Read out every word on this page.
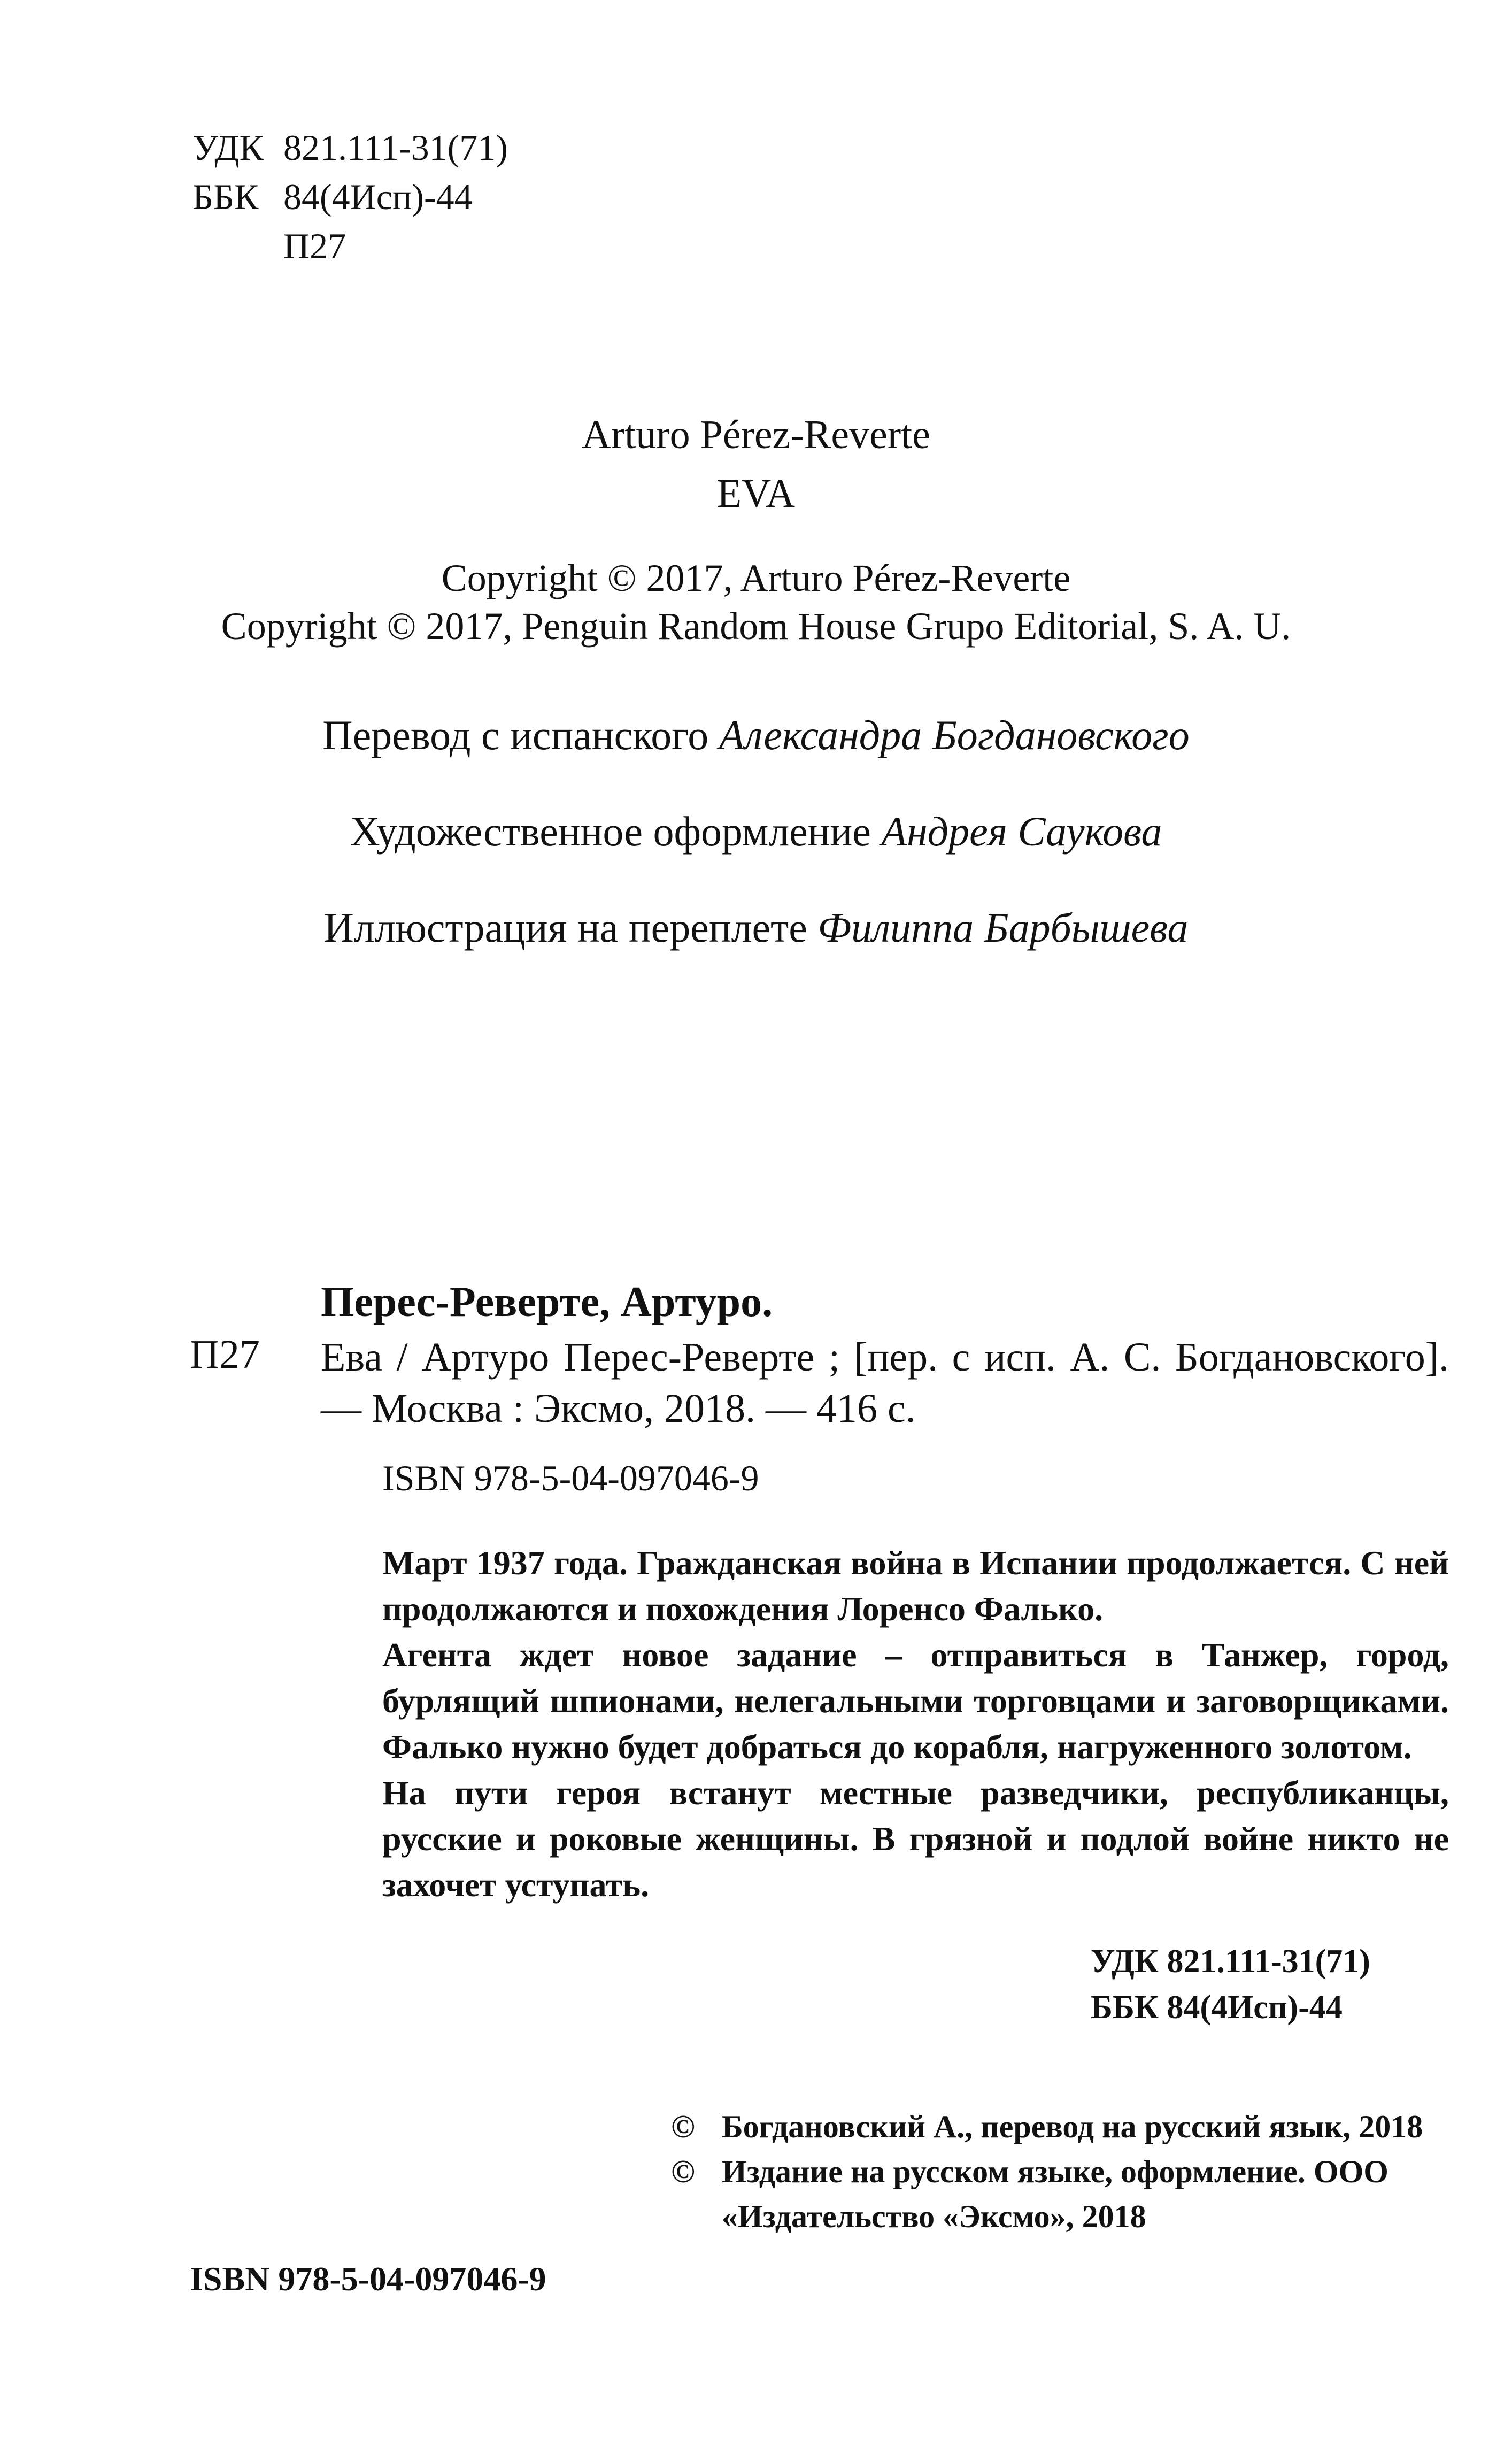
УДК 821.111-31(71)
ББК 84(4Исп)-44
П27
Arturo Pérez-Reverte
EVA
Copyright © 2017, Arturo Pérez-Reverte
Copyright © 2017, Penguin Random House Grupo Editorial, S. A. U.
Перевод с испанского Александра Богдановского
Художественное оформление Андрея Саукова
Иллюстрация на переплете Филиппа Барбышева
Перес-Реверте, Артуро.
П27 Ева / Артуро Перес-Реверте ; [пер. с исп. А. С. Богдановского]. — Москва : Эксмо, 2018. — 416 с.
ISBN 978-5-04-097046-9

Март 1937 года. Гражданская война в Испании продолжается. С ней продолжаются и похождения Лоренсо Фалько.

Агента ждет новое задание – отправиться в Танжер, город, бурлящий шпионами, нелегальными торговцами и заговорщиками. Фалько нужно будет добраться до корабля, нагруженного золотом.

На пути героя встанут местные разведчики, республиканцы, русские и роковые женщины. В грязной и подлой войне никто не захочет уступать.

УДК 821.111-31(71)
ББК 84(4Исп)-44
© Богдановский А., перевод на русский язык, 2018
© Издание на русском языке, оформление. ООО «Издательство «Эксмо», 2018
ISBN 978-5-04-097046-9
